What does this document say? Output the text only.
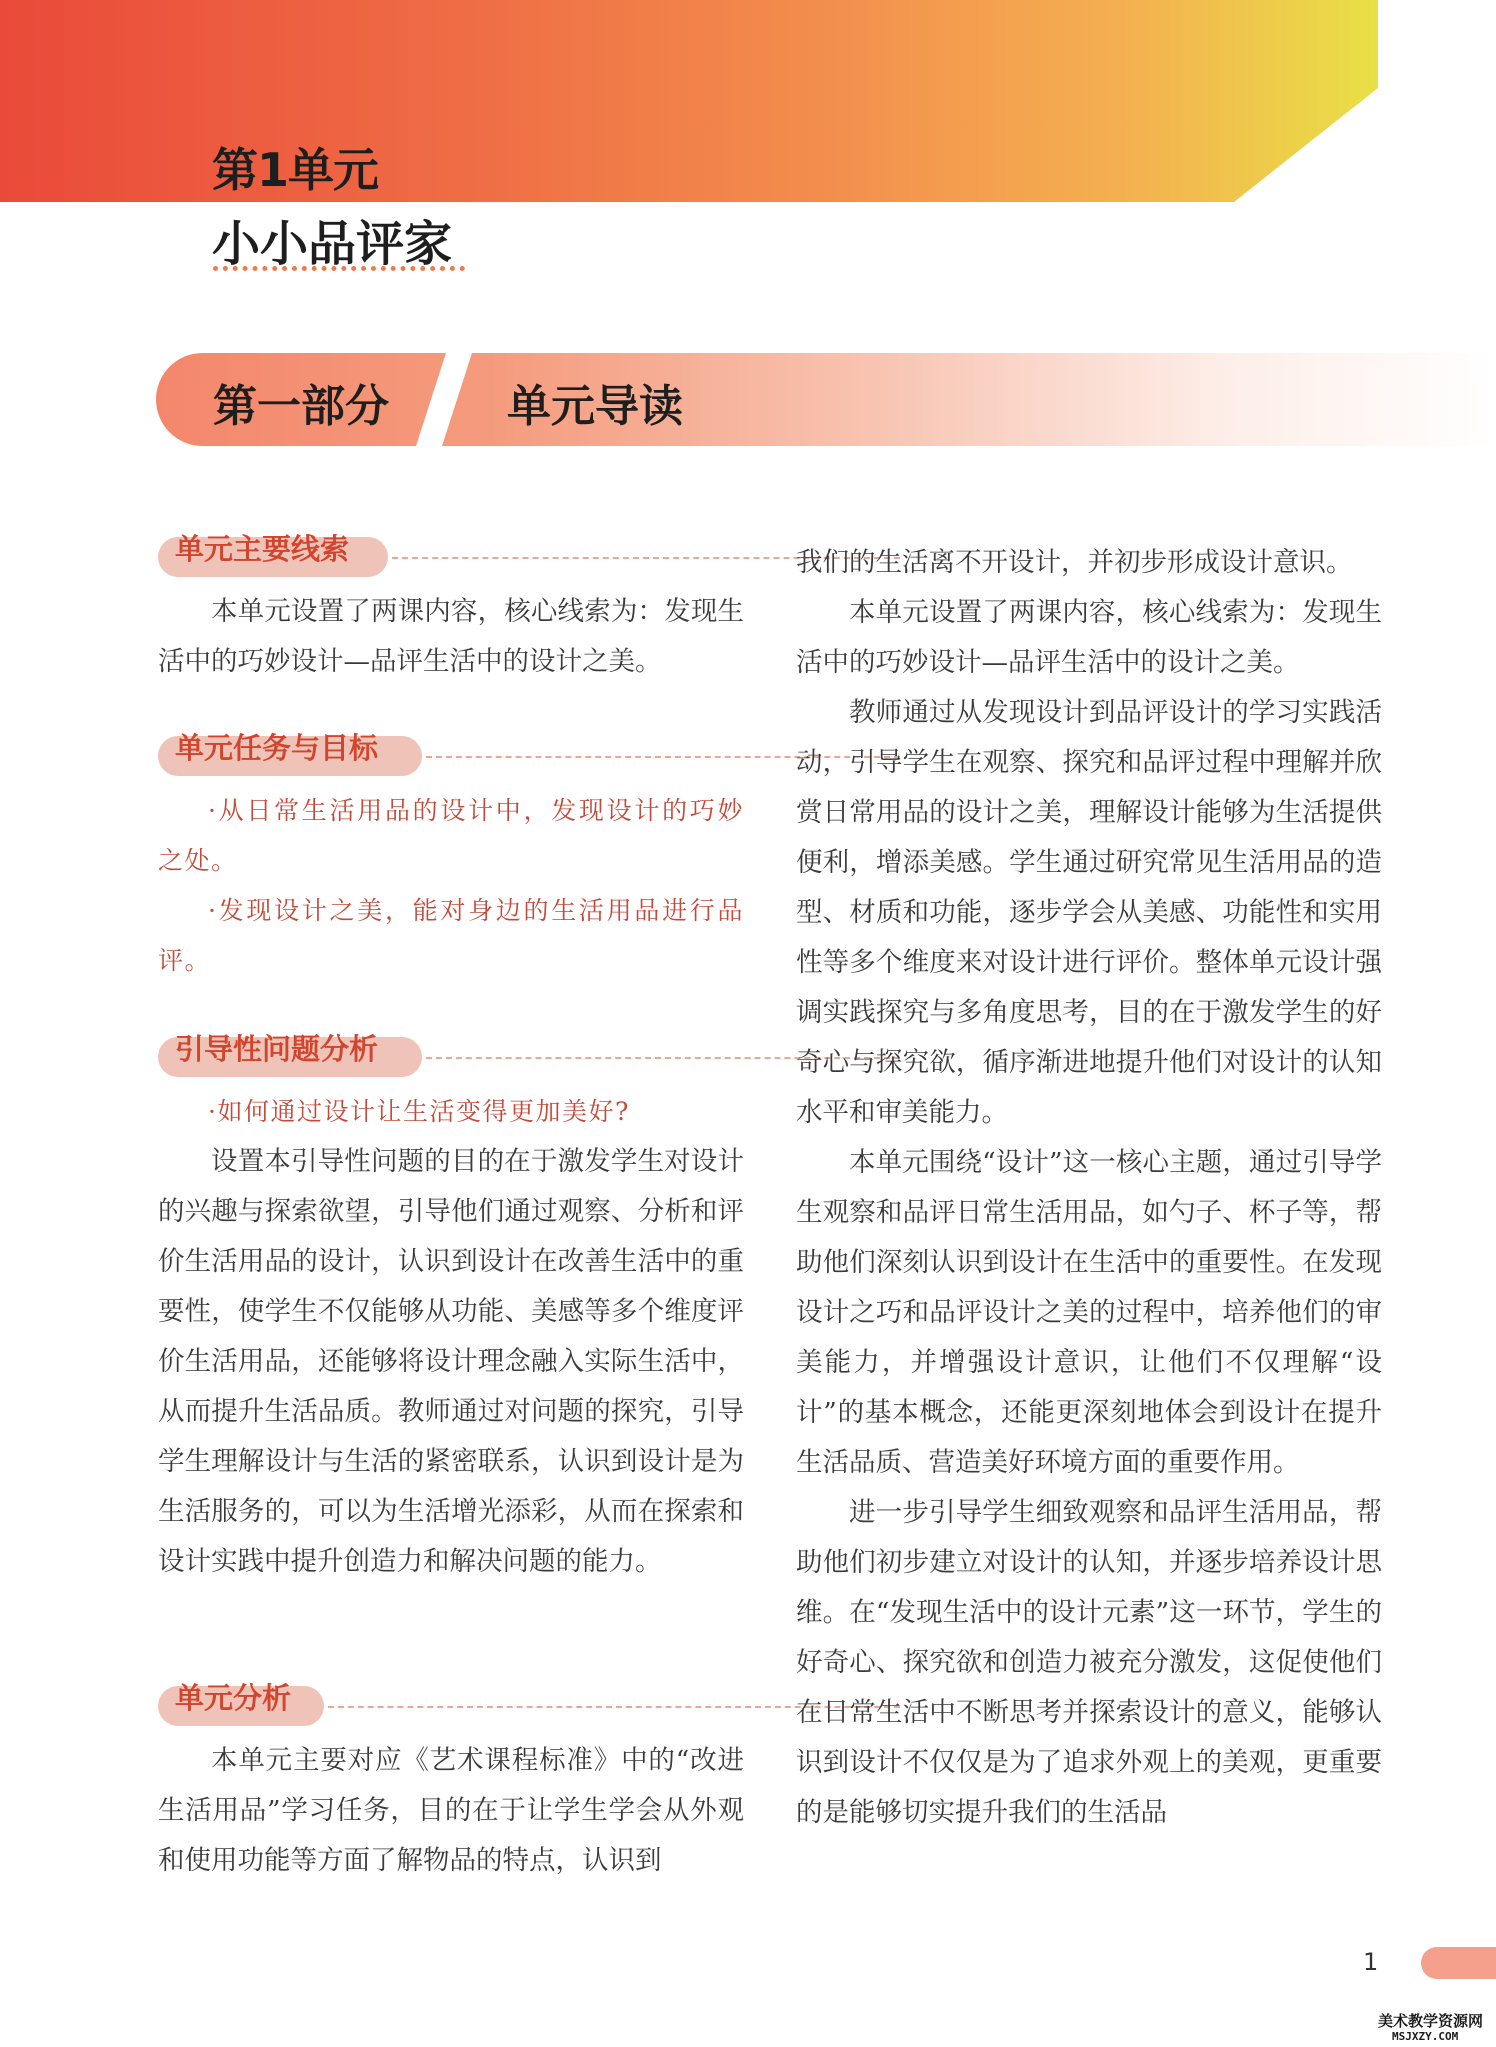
第1单元
小小品评家
第一部分	单元导读
单元主要线索
单元任务与目标
引导性问题分析
单元分析

本单元设置了两课内容，核心线索为：发现生活中的巧妙设计—品评生活中的设计之美。

·从日常生活用品的设计中，发现设计的巧妙之处。

·发现设计之美，能对身边的生活用品进行品评。

·如何通过设计让生活变得更加美好?

设置本引导性问题的目的在于激发学生对设计的兴趣与探索欲望，引导他们通过观察、分析和评价生活用品的设计，认识到设计在改善生活中的重要性，使学生不仅能够从功能、美感等多个维度评价生活用品，还能够将设计理念融入实际生活中，从而提升生活品质。教师通过对问题的探究，引导学生理解设计与生活的紧密联系，认识到设计是为生活服务的，可以为生活增光添彩，从而在探索和设计实践中提升创造力和解决问题的能力。

本单元主要对应《艺术课程标准》中的“改进生活用品”学习任务，目的在于让学生学会从外观和使用功能等方面了解物品的特点，认识到

我们的生活离不开设计，并初步形成设计意识。

本单元设置了两课内容，核心线索为：发现生活中的巧妙设计—品评生活中的设计之美。

教师通过从发现设计到品评设计的学习实践活动，引导学生在观察、探究和品评过程中理解并欣赏日常用品的设计之美，理解设计能够为生活提供便利，增添美感。学生通过研究常见生活用品的造型、材质和功能，逐步学会从美感、功能性和实用性等多个维度来对设计进行评价。整体单元设计强调实践探究与多角度思考，目的在于激发学生的好奇心与探究欲，循序渐进地提升他们对设计的认知水平和审美能力。

本单元围绕“设计”这一核心主题，通过引导学生观察和品评日常生活用品，如勺子、杯子等，帮助他们深刻认识到设计在生活中的重要性。在发现设计之巧和品评设计之美的过程中，培养他们的审美能力，并增强设计意识，让他们不仅理解“设计”的基本概念，还能更深刻地体会到设计在提升生活品质、营造美好环境方面的重要作用。

进一步引导学生细致观察和品评生活用品，帮助他们初步建立对设计的认知，并逐步培养设计思维。在“发现生活中的设计元素”这一环节，学生的好奇心、探究欲和创造力被充分激发，这促使他们在日常生活中不断思考并探索设计的意义，能够认识到设计不仅仅是为了追求外观上的美观，更重要的是能够切实提升我们的生活品

1
美术教学资源网
MSJXZY.COM
